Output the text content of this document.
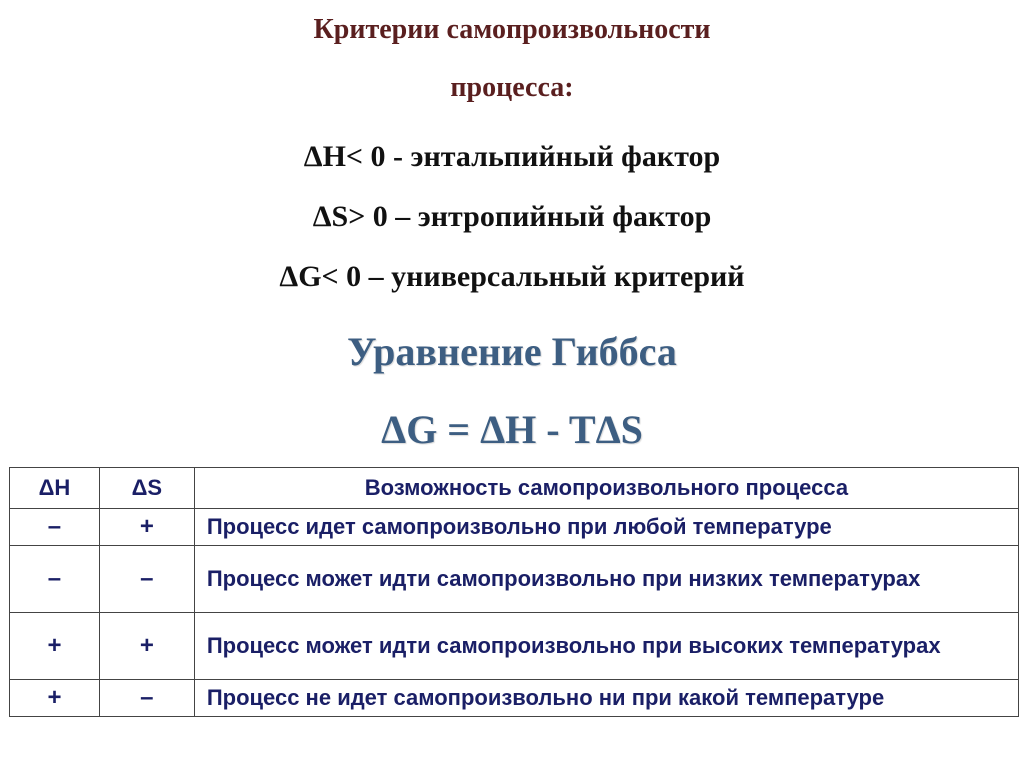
Критерии самопроизвольности
процесса:
ΔH< 0 - энтальпийный фактор
ΔS> 0 – энтропийный фактор
ΔG< 0 – универсальный критерий
Уравнение Гиббса
ΔG = ΔH - TΔS
ΔH	ΔS	Возможность самопроизвольного процесса
–	+	Процесс идет самопроизвольно при любой температуре
–	–	Процесс может идти самопроизвольно при низких температурах
+	+	Процесс может идти самопроизвольно при высоких температурах
+	–	Процесс не идет самопроизвольно ни при какой температуре
